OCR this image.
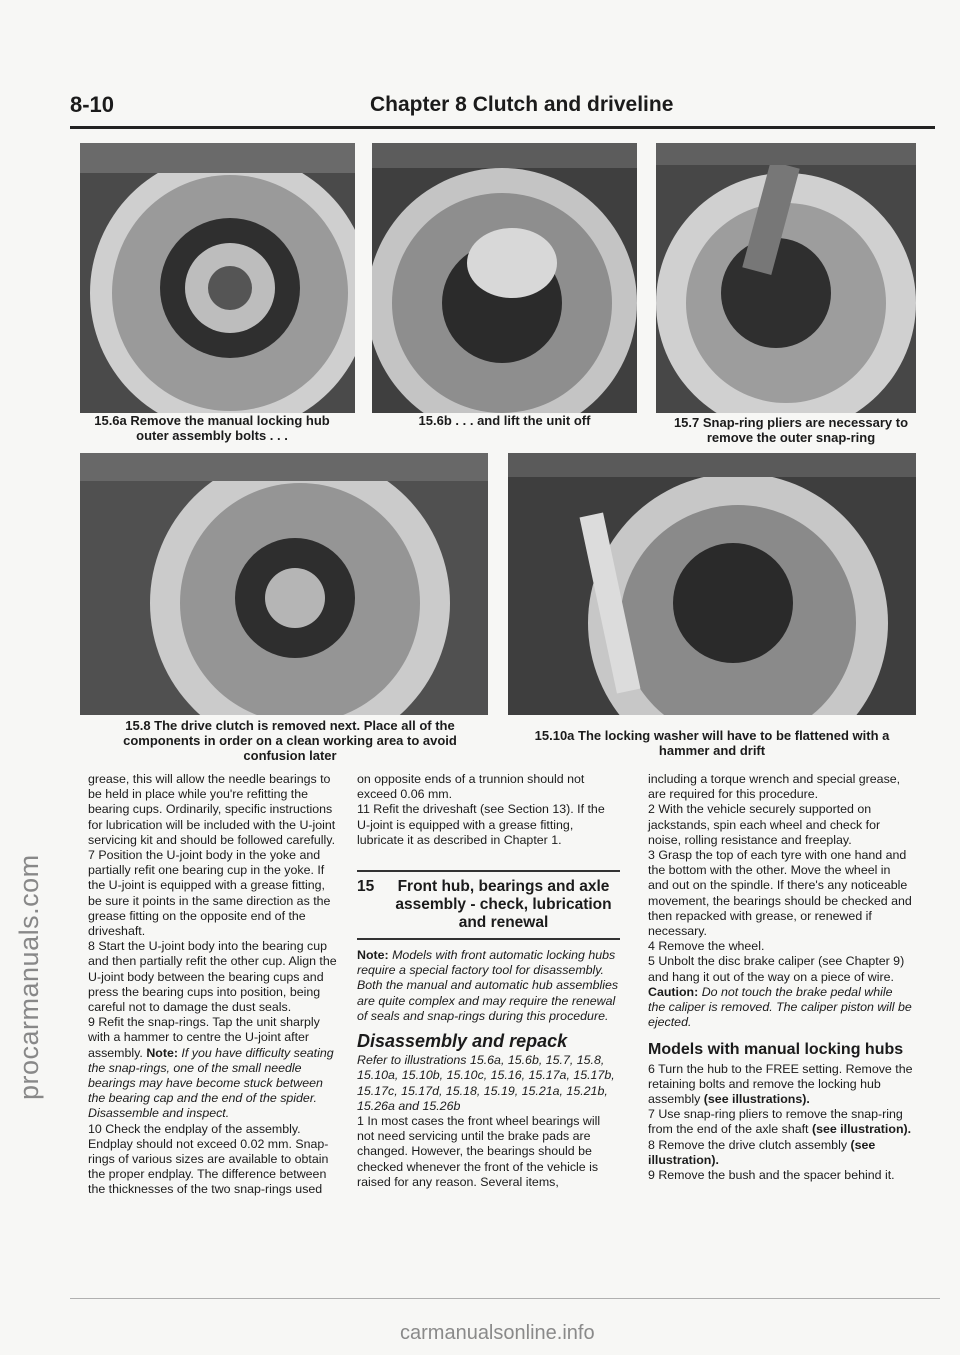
8-10	Chapter 8 Clutch and driveline
15.6a Remove the manual locking hub outer assembly bolts . . .
15.6b . . . and lift the unit off	15.7 Snap-ring pliers are necessary to remove the outer snap-ring
15.8 The drive clutch is removed next. Place all of the components in order on a clean working area to avoid confusion later
15.10a The locking washer will have to be flattened with a hammer and drift

grease, this will allow the needle bearings to be held in place while you're refitting the bearing cups. Ordinarily, specific instructions for lubrication will be included with the U-joint servicing kit and should be followed carefully.

7 Position the U-joint body in the yoke and partially refit one bearing cup in the yoke. If the U-joint is equipped with a grease fitting, be sure it points in the same direction as the grease fitting on the opposite end of the driveshaft.

8 Start the U-joint body into the bearing cup and then partially refit the other cup. Align the U-joint body between the bearing cups and press the bearing cups into position, being careful not to damage the dust seals.

9 Refit the snap-rings. Tap the unit sharply with a hammer to centre the U-joint after assembly. Note: If you have difficulty seating the snap-rings, one of the small needle bearings may have become stuck between the bearing cap and the end of the spider. Disassemble and inspect.

10 Check the endplay of the assembly. Endplay should not exceed 0.02 mm. Snap-rings of various sizes are available to obtain the proper endplay. The difference between the thicknesses of the two snap-rings used

on opposite ends of a trunnion should not exceed 0.06 mm.

11 Refit the driveshaft (see Section 13). If the U-joint is equipped with a grease fitting, lubricate it as described in Chapter 1.

15	Front hub, bearings and axle assembly - check, lubrication and renewal

Note: Models with front automatic locking hubs require a special factory tool for disassembly. Both the manual and automatic hub assemblies are quite complex and may require the renewal of seals and snap-rings during this procedure.

Disassembly and repack

Refer to illustrations 15.6a, 15.6b, 15.7, 15.8, 15.10a, 15.10b, 15.10c, 15.16, 15.17a, 15.17b, 15.17c, 15.17d, 15.18, 15.19, 15.21a, 15.21b, 15.26a and 15.26b

1 In most cases the front wheel bearings will not need servicing until the brake pads are changed. However, the bearings should be checked whenever the front of the vehicle is raised for any reason. Several items,

including a torque wrench and special grease, are required for this procedure.

2 With the vehicle securely supported on jackstands, spin each wheel and check for noise, rolling resistance and freeplay.

3 Grasp the top of each tyre with one hand and the bottom with the other. Move the wheel in and out on the spindle. If there's any noticeable movement, the bearings should be checked and then repacked with grease, or renewed if necessary.

4 Remove the wheel.

5 Unbolt the disc brake caliper (see Chapter 9) and hang it out of the way on a piece of wire. Caution: Do not touch the brake pedal while the caliper is removed. The caliper piston will be ejected.

Models with manual locking hubs

6 Turn the hub to the FREE setting. Remove the retaining bolts and remove the locking hub assembly (see illustrations).

7 Use snap-ring pliers to remove the snap-ring from the end of the axle shaft (see illustration).

8 Remove the drive clutch assembly (see illustration).

9 Remove the bush and the spacer behind it.

procarmanuals.com
carmanualsonline.info
